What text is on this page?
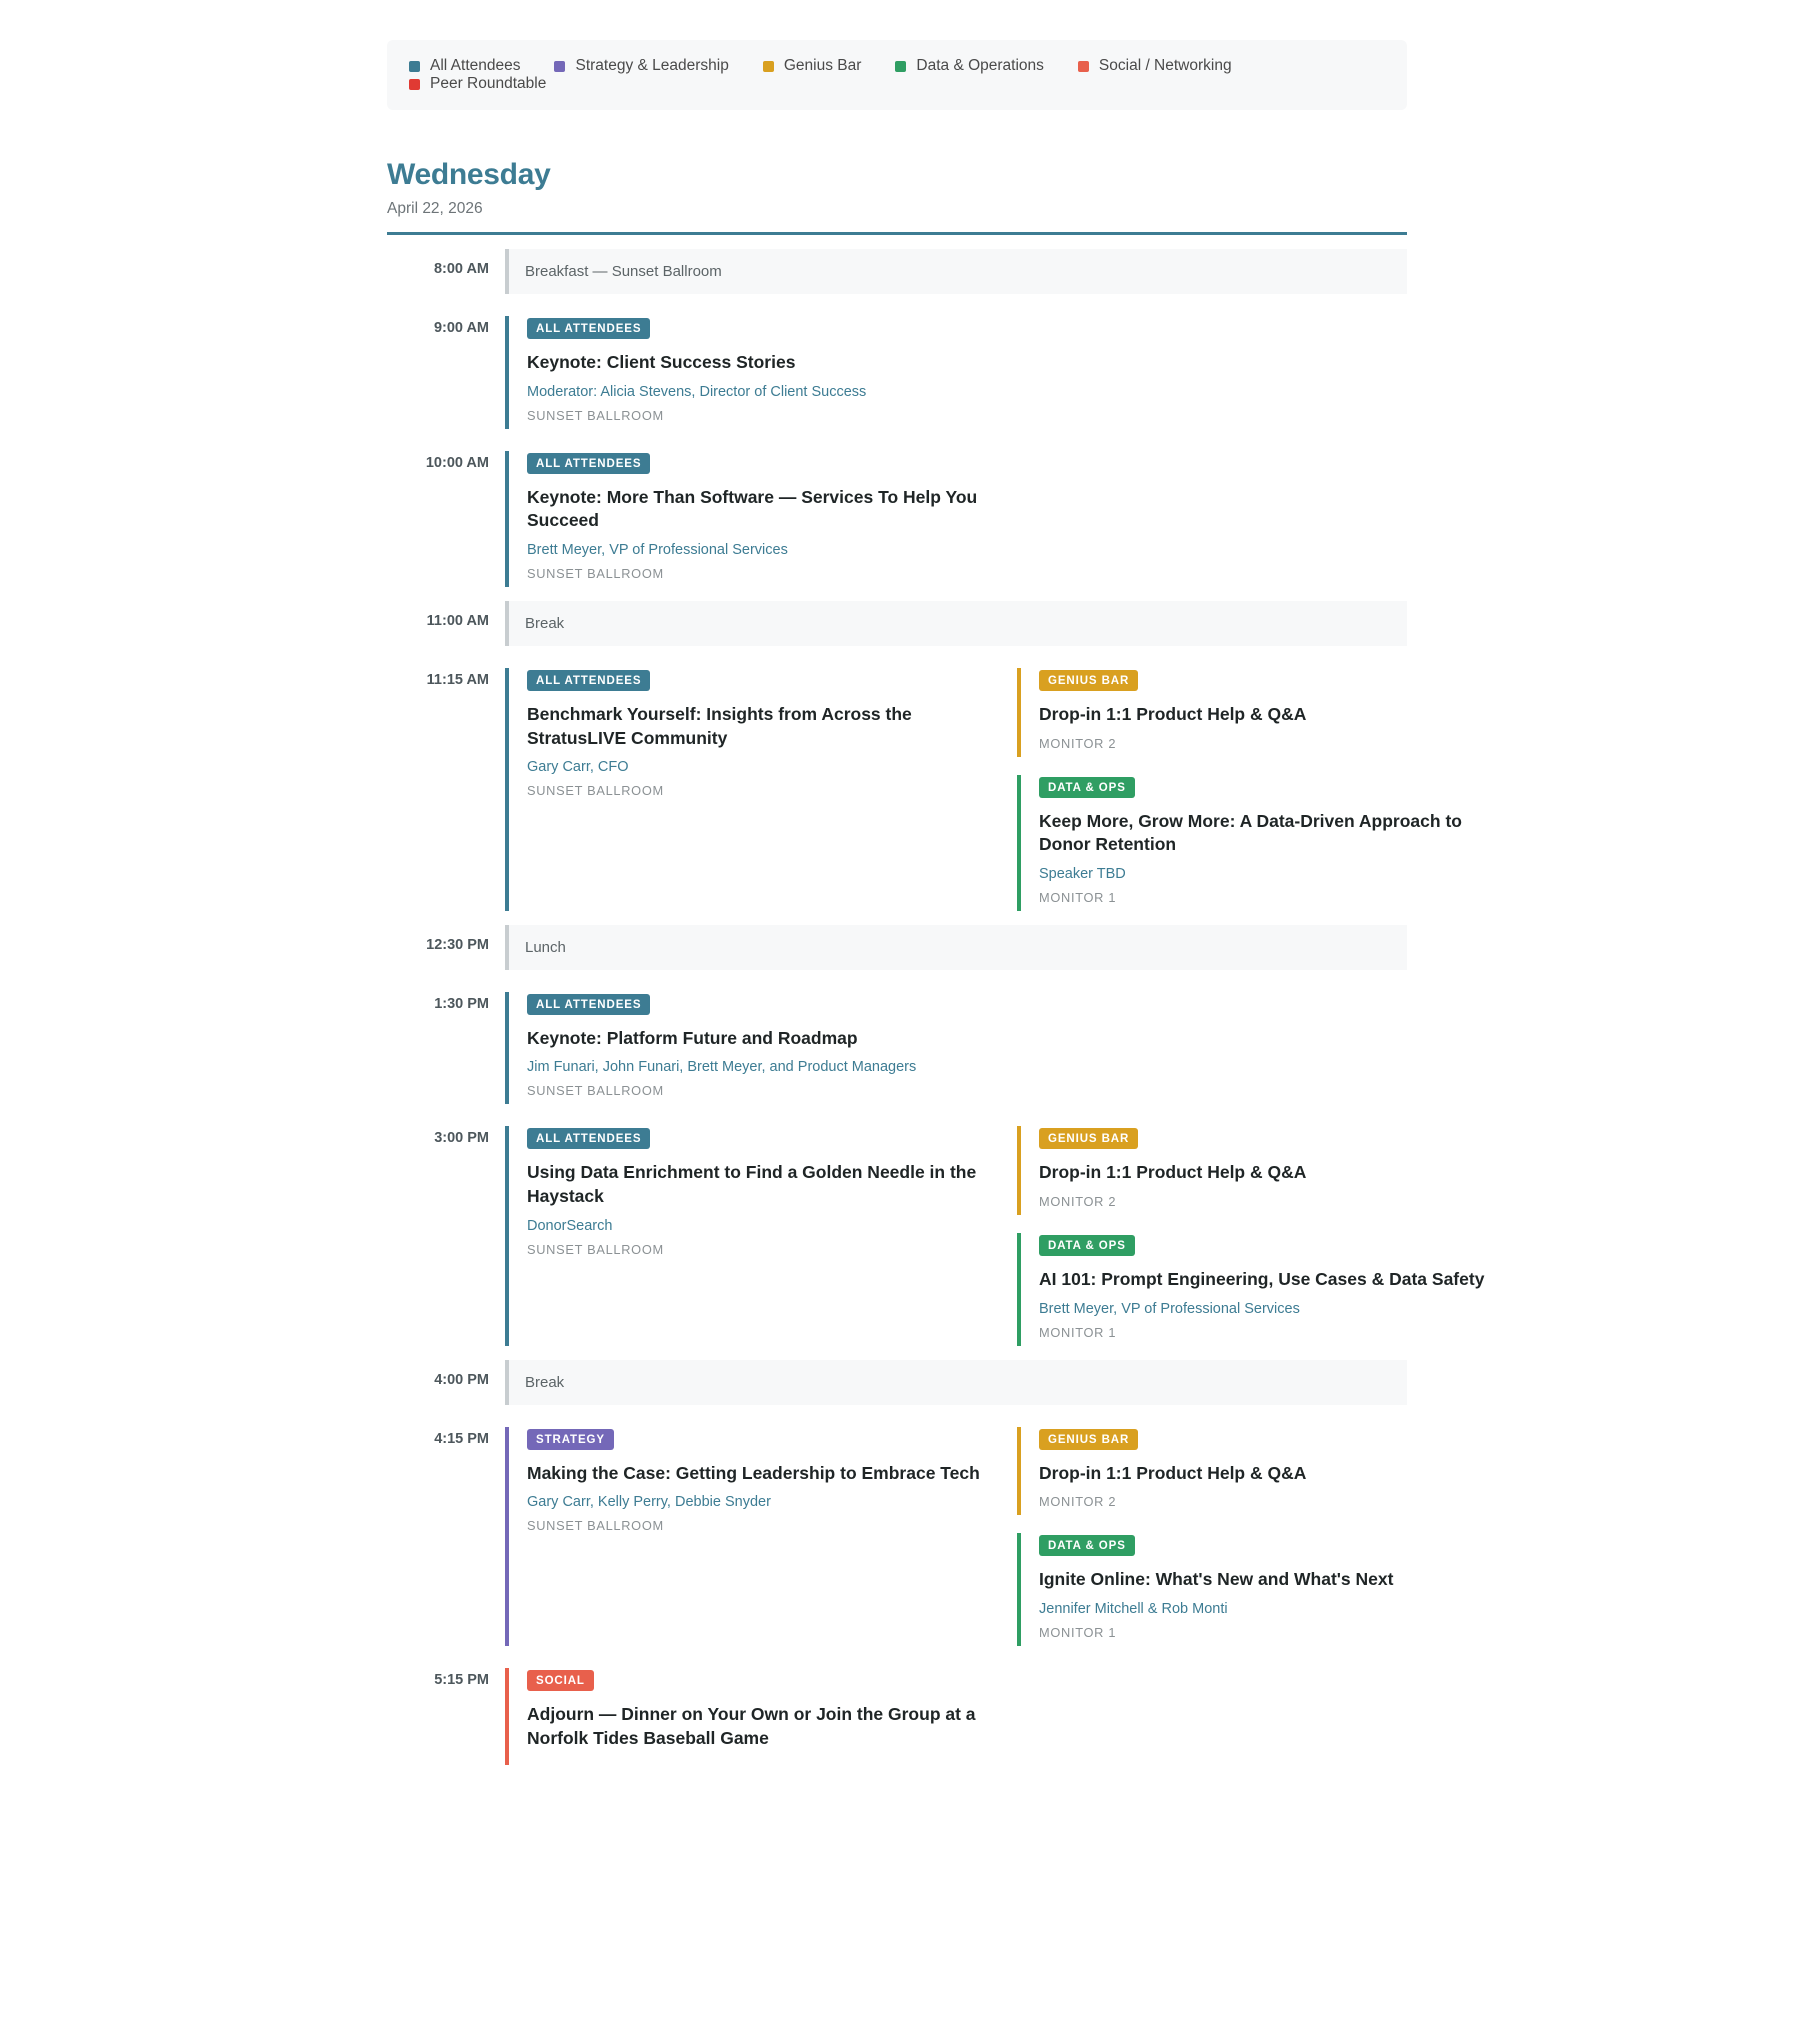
All Attendees	Strategy & Leadership	Genius Bar	Data & Operations	Social / Networking
Peer Roundtable
Wednesday
April 22, 2026
8:00 AM	Breakfast — Sunset Ballroom
9:00 AM	ALL ATTENDEES
Keynote: Client Success Stories
Moderator: Alicia Stevens, Director of Client Success
SUNSET BALLROOM
10:00 AM	ALL ATTENDEES
Keynote: More Than Software — Services To Help You Succeed
Brett Meyer, VP of Professional Services
SUNSET BALLROOM
11:00 AM	Break
11:15 AM	ALL ATTENDEES
Benchmark Yourself: Insights from Across the StratusLIVE Community
Gary Carr, CFO
SUNSET BALLROOM
GENIUS BAR
Drop-in 1:1 Product Help & Q&A
MONITOR 2
DATA & OPS
Keep More, Grow More: A Data-Driven Approach to Donor Retention
Speaker TBD
MONITOR 1
12:30 PM	Lunch
1:30 PM	ALL ATTENDEES
Keynote: Platform Future and Roadmap
Jim Funari, John Funari, Brett Meyer, and Product Managers
SUNSET BALLROOM
3:00 PM	ALL ATTENDEES
Using Data Enrichment to Find a Golden Needle in the Haystack
DonorSearch
SUNSET BALLROOM
GENIUS BAR
Drop-in 1:1 Product Help & Q&A
MONITOR 2
DATA & OPS
AI 101: Prompt Engineering, Use Cases & Data Safety
Brett Meyer, VP of Professional Services
MONITOR 1
4:00 PM	Break
4:15 PM	STRATEGY
Making the Case: Getting Leadership to Embrace Tech
Gary Carr, Kelly Perry, Debbie Snyder
SUNSET BALLROOM
GENIUS BAR
Drop-in 1:1 Product Help & Q&A
MONITOR 2
DATA & OPS
Ignite Online: What's New and What's Next
Jennifer Mitchell & Rob Monti
MONITOR 1
5:15 PM	SOCIAL
Adjourn — Dinner on Your Own or Join the Group at a Norfolk Tides Baseball Game
